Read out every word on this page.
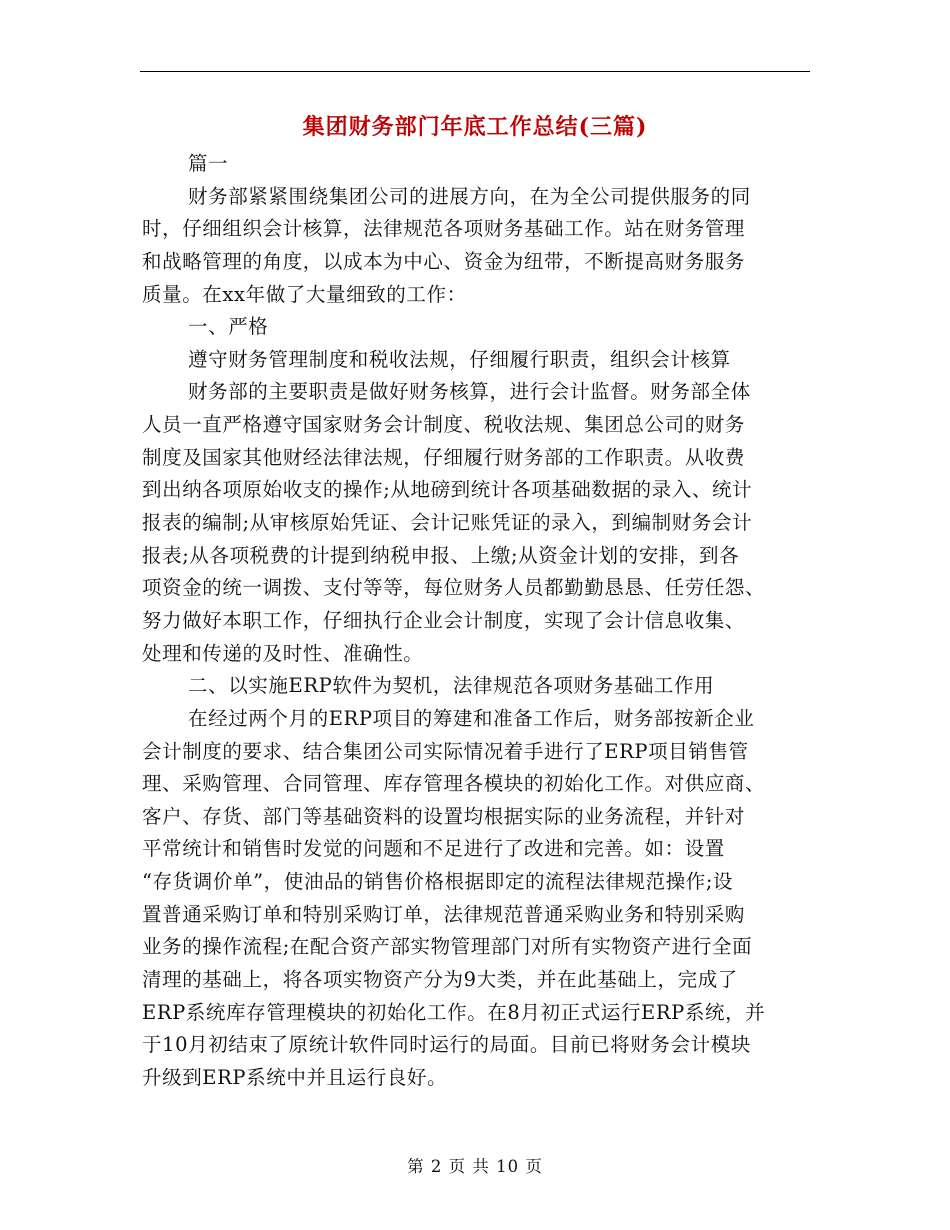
集团财务部门年底工作总结(三篇)
篇一
财务部紧紧围绕集团公司的进展方向，在为全公司提供服务的同
时，仔细组织会计核算，法律规范各项财务基础工作。站在财务管理
和战略管理的角度，以成本为中心、资金为纽带，不断提高财务服务
质量。在xx年做了大量细致的工作：
一、严格
遵守财务管理制度和税收法规，仔细履行职责，组织会计核算
财务部的主要职责是做好财务核算，进行会计监督。财务部全体
人员一直严格遵守国家财务会计制度、税收法规、集团总公司的财务
制度及国家其他财经法律法规，仔细履行财务部的工作职责。从收费
到出纳各项原始收支的操作;从地磅到统计各项基础数据的录入、统计
报表的编制;从审核原始凭证、会计记账凭证的录入，到编制财务会计
报表;从各项税费的计提到纳税申报、上缴;从资金计划的安排，到各
项资金的统一调拨、支付等等，每位财务人员都勤勤恳恳、任劳任怨、
努力做好本职工作，仔细执行企业会计制度，实现了会计信息收集、
处理和传递的及时性、准确性。
二、以实施ERP软件为契机，法律规范各项财务基础工作用
在经过两个月的ERP项目的筹建和准备工作后，财务部按新企业
会计制度的要求、结合集团公司实际情况着手进行了ERP项目销售管
理、采购管理、合同管理、库存管理各模块的初始化工作。对供应商、
客户、存货、部门等基础资料的设置均根据实际的业务流程，并针对
平常统计和销售时发觉的问题和不足进行了改进和完善。如：设置
“存货调价单”，使油品的销售价格根据即定的流程法律规范操作;设
置普通采购订单和特别采购订单，法律规范普通采购业务和特别采购
业务的操作流程;在配合资产部实物管理部门对所有实物资产进行全面
清理的基础上，将各项实物资产分为9大类，并在此基础上，完成了
ERP系统库存管理模块的初始化工作。在8月初正式运行ERP系统，并
于10月初结束了原统计软件同时运行的局面。目前已将财务会计模块
升级到ERP系统中并且运行良好。
第 2 页 共 10 页
